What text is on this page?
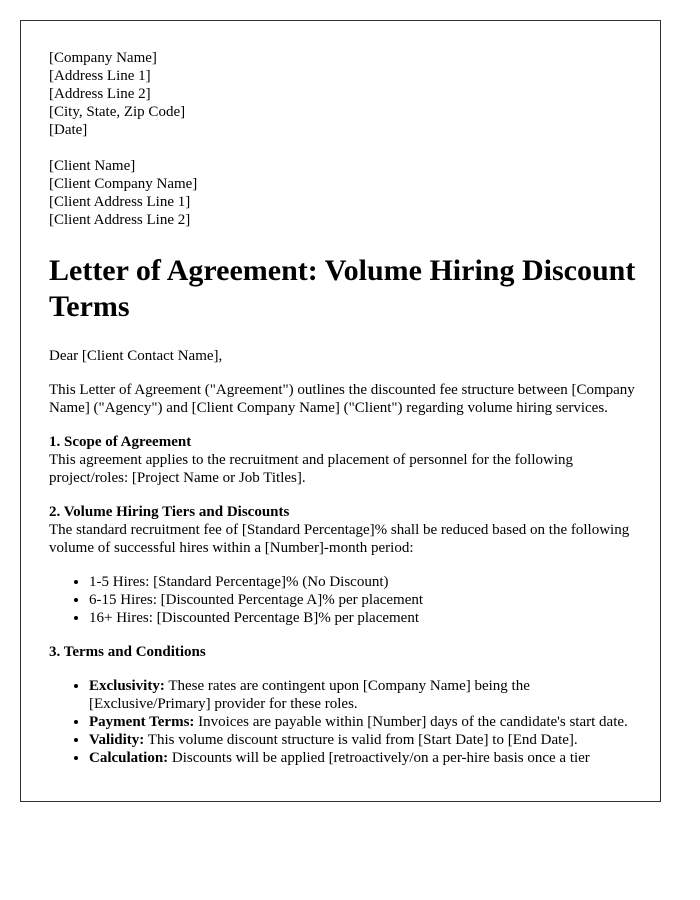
[Company Name]
[Address Line 1]
[Address Line 2]
[City, State, Zip Code]
[Date]
[Client Name]
[Client Company Name]
[Client Address Line 1]
[Client Address Line 2]
Letter of Agreement: Volume Hiring Discount Terms

Dear [Client Contact Name],

This Letter of Agreement ("Agreement") outlines the discounted fee structure between [Company Name] ("Agency") and [Client Company Name] ("Client") regarding volume hiring services.

1. Scope of Agreement

This agreement applies to the recruitment and placement of personnel for the following project/roles: [Project Name or Job Titles].

2. Volume Hiring Tiers and Discounts

The standard recruitment fee of [Standard Percentage]% shall be reduced based on the following volume of successful hires within a [Number]-month period:

• 1-5 Hires: [Standard Percentage]% (No Discount)
• 6-15 Hires: [Discounted Percentage A]% per placement
• 16+ Hires: [Discounted Percentage B]% per placement
3. Terms and Conditions
• Exclusivity: These rates are contingent upon [Company Name] being the [Exclusive/Primary] provider for these roles.
• Payment Terms: Invoices are payable within [Number] days of the candidate's start date.
• Validity: This volume discount structure is valid from [Start Date] to [End Date].
• Calculation: Discounts will be applied [retroactively/on a per-hire basis once a tier
